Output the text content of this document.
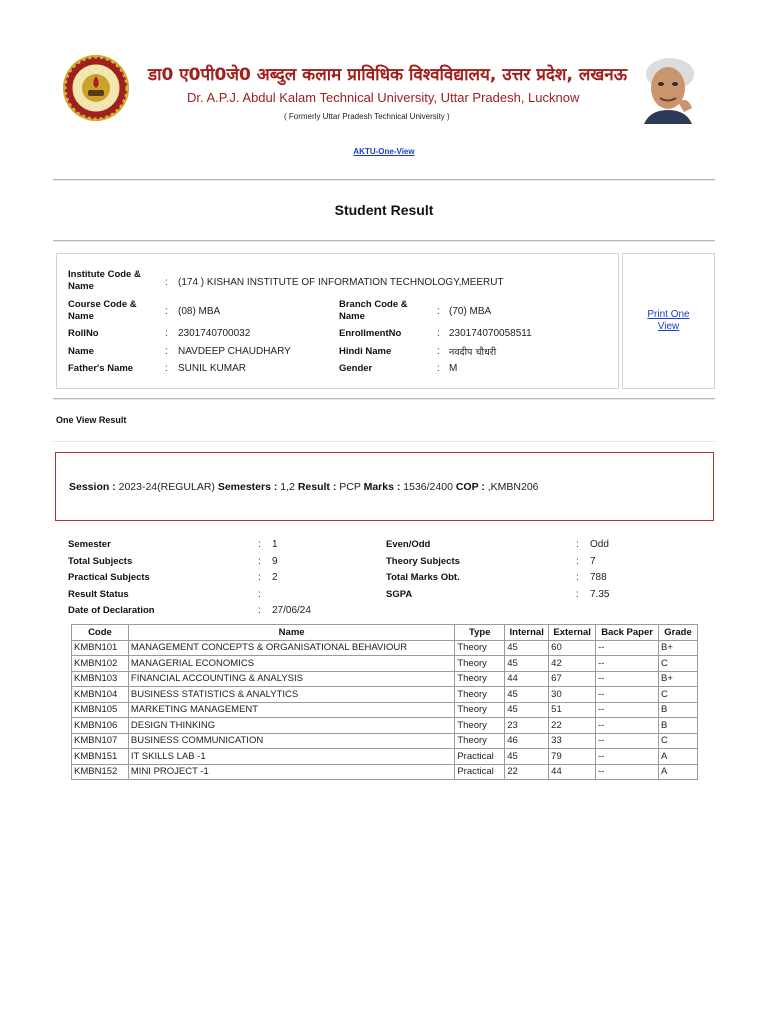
डा0 ए0पी0जे0 अब्दुल कलाम प्राविधिक विश्वविद्यालय, उत्तर प्रदेश, लखनऊ
Dr. A.P.J. Abdul Kalam Technical University, Uttar Pradesh, Lucknow
( Formerly Uttar Pradesh Technical University )
AKTU-One-View
Student Result
Institute Code & Name	: (174 ) KISHAN INSTITUTE OF INFORMATION TECHNOLOGY,MEERUT
Course Code & Name	: (08) MBA
Branch Code & Name	: (70) MBA
RollNo	: 2301740700032	EnrollmentNo	: 230174070058511
Name	: NAVDEEP CHAUDHARY	Hindi Name	: नवदीप चौधरी
Father's Name	: SUNIL KUMAR	Gender	: M
Print One View
One View Result
Session : 2023-24(REGULAR) Semesters : 1,2 Result : PCP Marks : 1536/2400 COP : ,KMBN206
Semester	: 1	Even/Odd	: Odd
Total Subjects	: 9	Theory Subjects	: 7
Practical Subjects	: 2	Total Marks Obt.	: 788
Result Status	:	SGPA	: 7.35
Date of Declaration	: 27/06/24
Code	Name	Type	Internal	External	Back Paper	Grade
KMBN101	MANAGEMENT CONCEPTS & ORGANISATIONAL BEHAVIOUR	Theory	45	60	--	B+
KMBN102	MANAGERIAL ECONOMICS	Theory	45	42	--	C
KMBN103	FINANCIAL ACCOUNTING & ANALYSIS	Theory	44	67	--	B+
KMBN104	BUSINESS STATISTICS & ANALYTICS	Theory	45	30	--	C
KMBN105	MARKETING MANAGEMENT	Theory	45	51	--	B
KMBN106	DESIGN THINKING	Theory	23	22	--	B
KMBN107	BUSINESS COMMUNICATION	Theory	46	33	--	C
KMBN151	IT SKILLS LAB -1	Practical	45	79	--	A
KMBN152	MINI PROJECT -1	Practical	22	44	--	A
